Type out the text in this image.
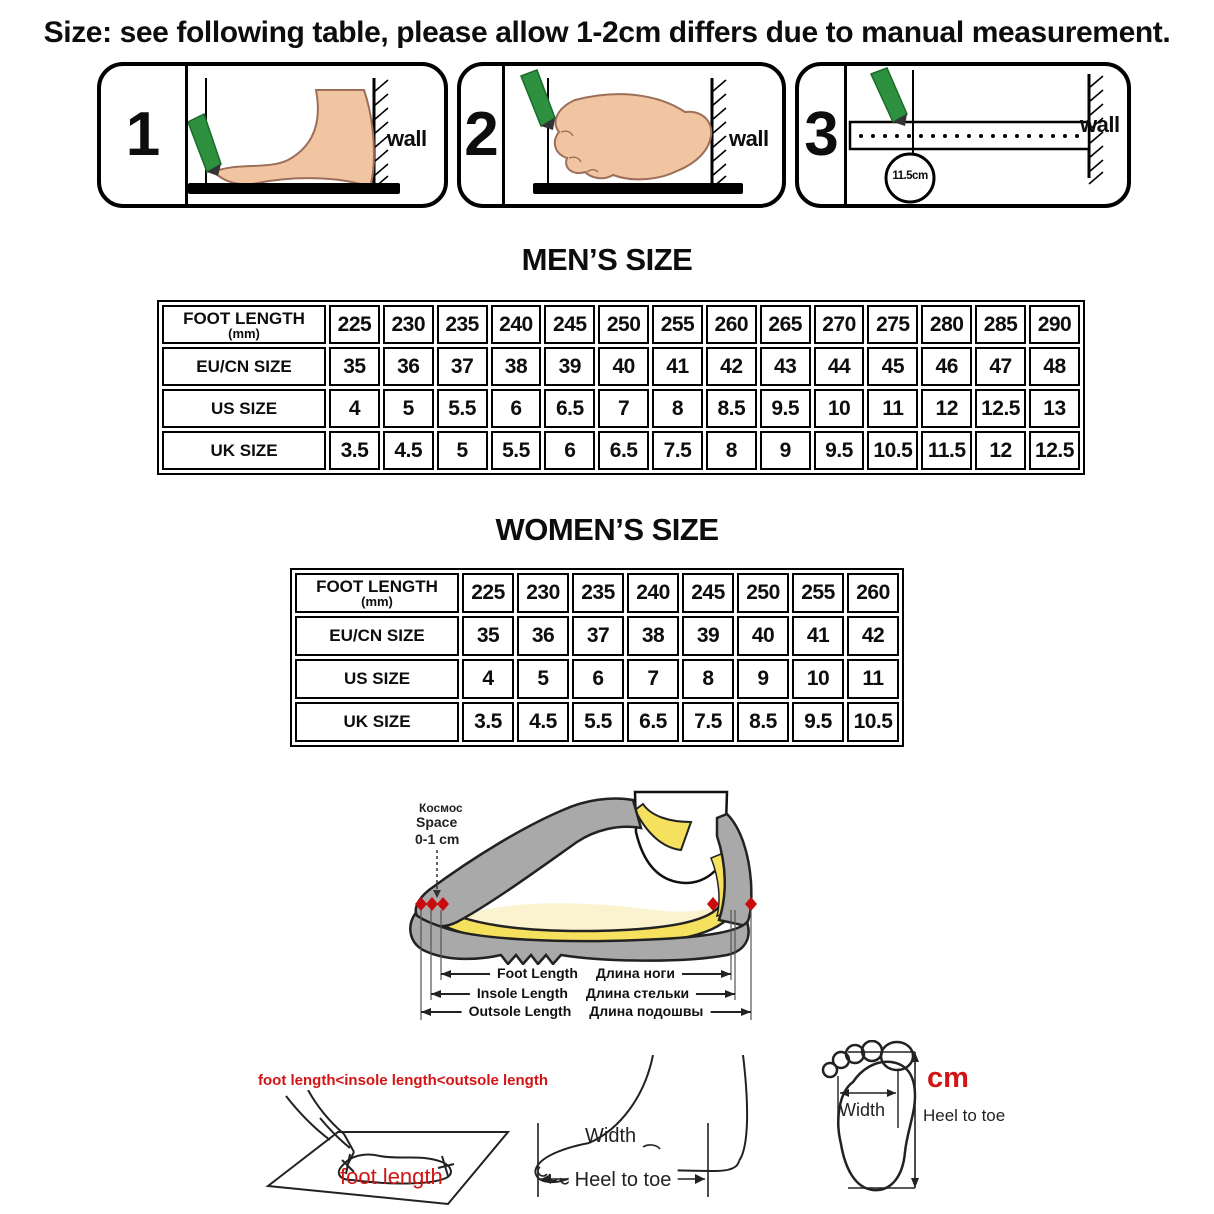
Size: see following table, please allow 1-2cm differs due to manual measurement.
1	wall 2	wall 3
11.5cm
wall
MEN’S SIZE
FOOT LENGTH
(mm)	225	230	235	240	245	250	255	260	265	270	275	280	285	290

EU/CN SIZE	35	36	37	38	39	40	41	42	43	44	45	46	47	48

US SIZE	4	5	5.5	6	6.5	7	8	8.5	9.5	10	11	12	12.5	13

UK SIZE	3.5	4.5	5	5.5	6	6.5	7.5	8	9	9.5	10.5	11.5	12	12.5
WOMEN’S SIZE
FOOT LENGTH
(mm)	225	230	235	240	245	250	255	260

EU/CN SIZE	35	36	37	38	39	40	41	42

US SIZE	4	5	6	7	8	9	10	11

UK SIZE	3.5	4.5	5.5	6.5	7.5	8.5	9.5	10.5
Космос
Space
0-1 cm
Foot Length Длина ноги
Insole Length Длина стельки
Outsole Length Длина подошвы
foot length<insole length<outsole length
foot length
Width
Heel to toe
Width
cm
Heel to toe
